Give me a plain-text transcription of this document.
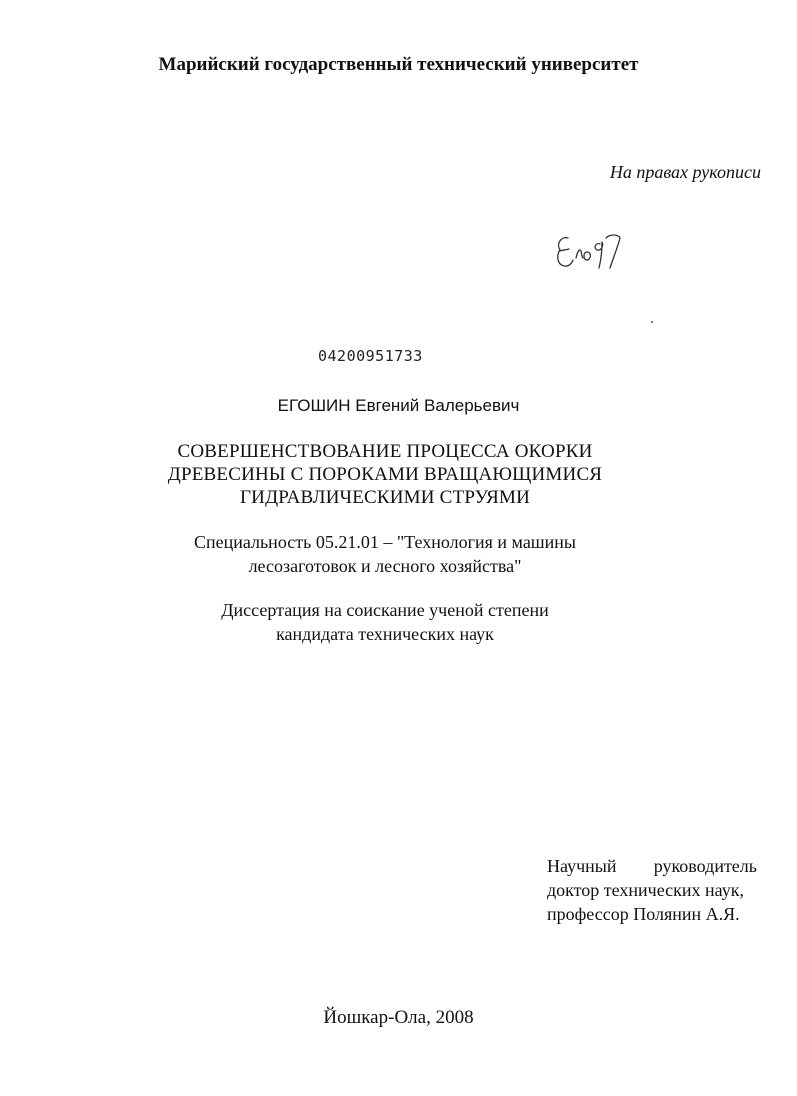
Марийский государственный технический университет
На правах рукописи
04200951733
ЕГОШИН Евгений Валерьевич
СОВЕРШЕНСТВОВАНИЕ ПРОЦЕССА ОКОРКИ
ДРЕВЕСИНЫ С ПОРОКАМИ ВРАЩАЮЩИМИСЯ
ГИДРАВЛИЧЕСКИМИ СТРУЯМИ
Специальность 05.21.01 – "Технология и машины
лесозаготовок и лесного хозяйства"
Диссертация на соискание ученой степени
кандидата технических наук
Научный руководитель
доктор технических наук,
профессор Полянин А.Я.
Йошкар-Ола, 2008
